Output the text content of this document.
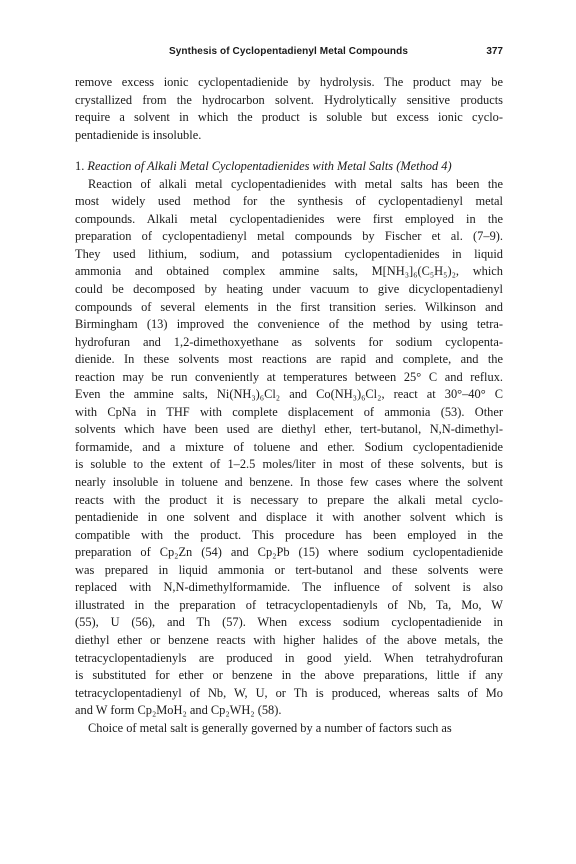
Synthesis of Cyclopentadienyl Metal Compounds	377
remove excess ionic cyclopentadienide by hydrolysis. The product may be
crystallized from the hydrocarbon solvent. Hydrolytically sensitive products
require a solvent in which the product is soluble but excess ionic cyclo-
pentadienide is insoluble.
1. Reaction of Alkali Metal Cyclopentadienides with Metal Salts (Method 4)
Reaction of alkali metal cyclopentadienides with metal salts has been the
most widely used method for the synthesis of cyclopentadienyl metal
compounds. Alkali metal cyclopentadienides were first employed in the
preparation of cyclopentadienyl metal compounds by Fischer et al. (7–9).
They used lithium, sodium, and potassium cyclopentadienides in liquid
ammonia and obtained complex ammine salts, M[NH₃]₆(C₅H₅)₂, which
could be decomposed by heating under vacuum to give dicyclopentadienyl
compounds of several elements in the first transition series. Wilkinson and
Birmingham (13) improved the convenience of the method by using tetra-
hydrofuran and 1,2-dimethoxyethane as solvents for sodium cyclopenta-
dienide. In these solvents most reactions are rapid and complete, and the
reaction may be run conveniently at temperatures between 25° C and reflux.
Even the ammine salts, Ni(NH₃)₆Cl₂ and Co(NH₃)₆Cl₂, react at 30°–40° C
with CpNa in THF with complete displacement of ammonia (53). Other
solvents which have been used are diethyl ether, tert-butanol, N,N-dimethyl-
formamide, and a mixture of toluene and ether. Sodium cyclopentadienide
is soluble to the extent of 1–2.5 moles/liter in most of these solvents, but is
nearly insoluble in toluene and benzene. In those few cases where the solvent
reacts with the product it is necessary to prepare the alkali metal cyclo-
pentadienide in one solvent and displace it with another solvent which is
compatible with the product. This procedure has been employed in the
preparation of Cp₂Zn (54) and Cp₂Pb (15) where sodium cyclopentadienide
was prepared in liquid ammonia or tert-butanol and these solvents were
replaced with N,N-dimethylformamide. The influence of solvent is also
illustrated in the preparation of tetracyclopentadienyls of Nb, Ta, Mo, W
(55), U (56), and Th (57). When excess sodium cyclopentadienide in
diethyl ether or benzene reacts with higher halides of the above metals, the
tetracyclopentadienyls are produced in good yield. When tetrahydrofuran
is substituted for ether or benzene in the above preparations, little if any
tetracyclopentadienyl of Nb, W, U, or Th is produced, whereas salts of Mo
and W form Cp₂MoH₂ and Cp₂WH₂ (58).
Choice of metal salt is generally governed by a number of factors such as
